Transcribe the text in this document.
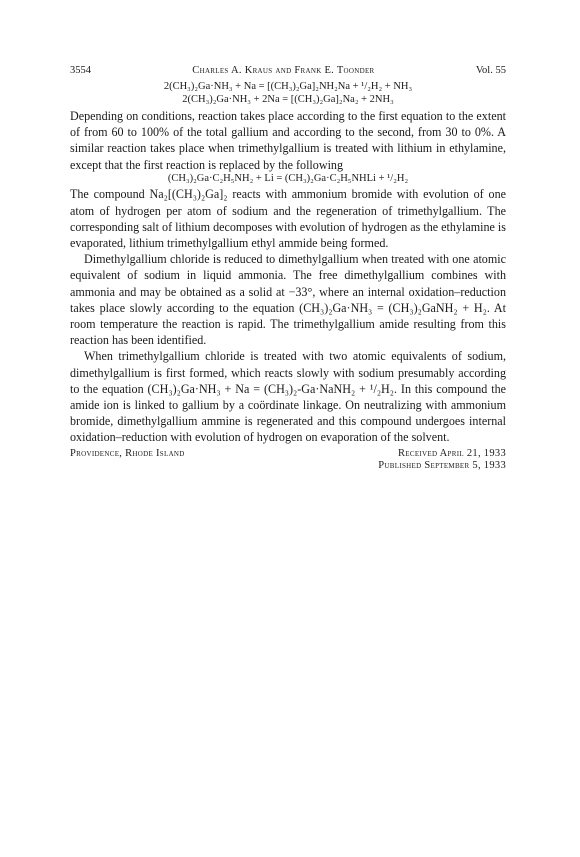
3554	Charles A. Kraus and Frank E. Toonder	Vol. 55
2(CH₃)₂Ga·NH₃ + Na = [(CH₃)₂Ga]₂NH₂Na + ¹/₂H₂ + NH₃
2(CH₃)₂Ga·NH₃ + 2Na = [(CH₃)₂Ga]₂Na₂ + 2NH₃

Depending on conditions, reaction takes place according to the first equation to the extent of from 60 to 100% of the total gallium and according to the second, from 30 to 0%. A similar reaction takes place when trimethylgallium is treated with lithium in ethylamine, except that the first reaction is replaced by the following

(CH₃)₂Ga·C₂H₅NH₂ + Li = (CH₃)₂Ga·C₂H₅NHLi + ¹/₂H₂

The compound Na₂[(CH₃)₂Ga]₂ reacts with ammonium bromide with evolution of one atom of hydrogen per atom of sodium and the regeneration of trimethylgallium. The corresponding salt of lithium decomposes with evolution of hydrogen as the ethylamine is evaporated, lithium trimethylgallium ethyl ammide being formed.

Dimethylgallium chloride is reduced to dimethylgallium when treated with one atomic equivalent of sodium in liquid ammonia. The free dimethylgallium combines with ammonia and may be obtained as a solid at −33°, where an internal oxidation–reduction takes place slowly according to the equation (CH₃)₂Ga·NH₃ = (CH₃)₂GaNH₂ + H₂. At room temperature the reaction is rapid. The trimethylgallium amide resulting from this reaction has been identified.

When trimethylgallium chloride is treated with two atomic equivalents of sodium, dimethylgallium is first formed, which reacts slowly with sodium presumably according to the equation (CH₃)₂Ga·NH₃ + Na = (CH₃)₂-Ga·NaNH₂ + ¹/₂H₂. In this compound the amide ion is linked to gallium by a coördinate linkage. On neutralizing with ammonium bromide, dimethylgallium ammine is regenerated and this compound undergoes internal oxidation–reduction with evolution of hydrogen on evaporation of the solvent.

Providence, Rhode Island	Received April 21, 1933
Published September 5, 1933
